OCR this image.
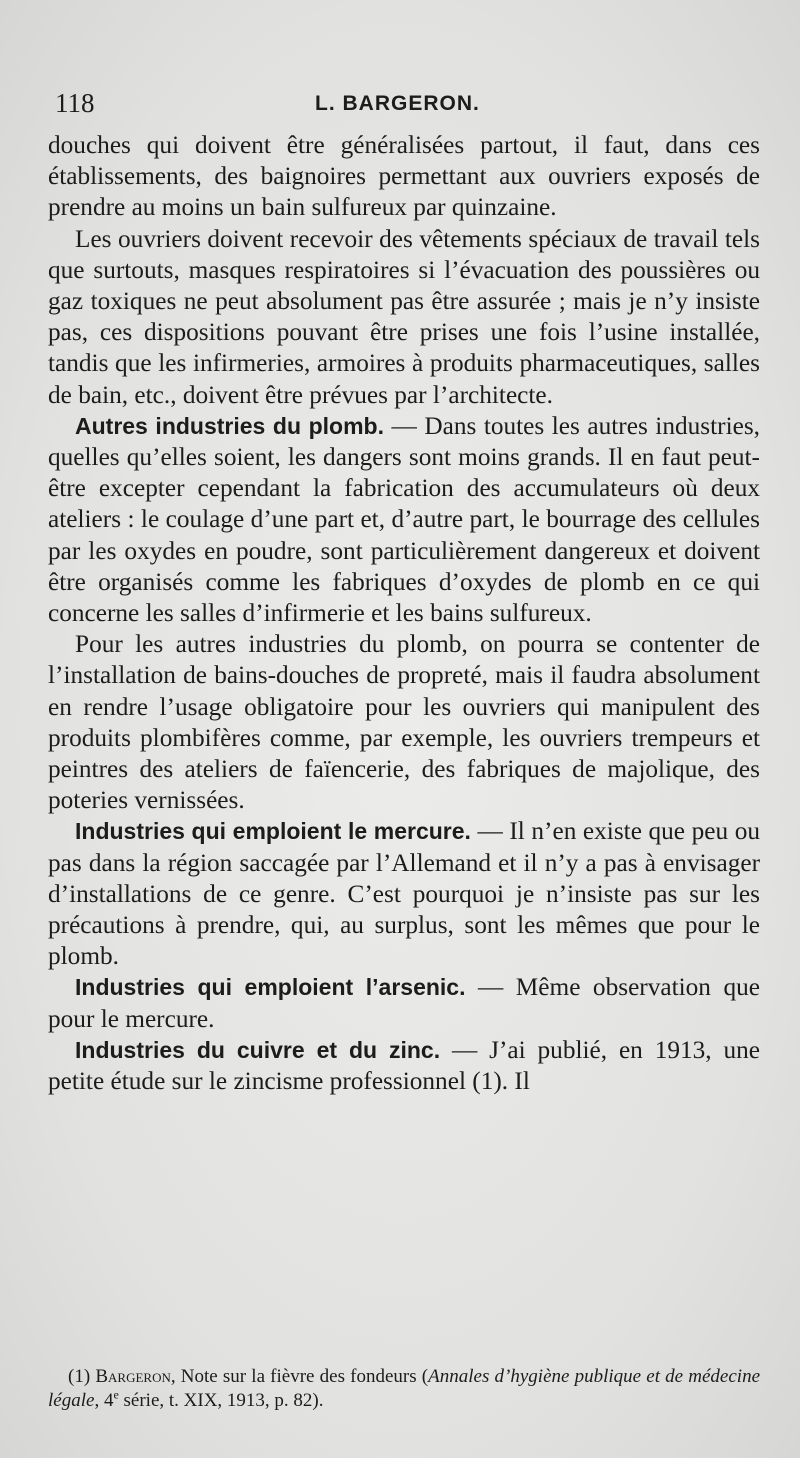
118	L. BARGERON.

douches qui doivent être généralisées partout, il faut, dans ces établissements, des baignoires permettant aux ouvriers exposés de prendre au moins un bain sulfureux par quinzaine.

Les ouvriers doivent recevoir des vêtements spéciaux de travail tels que surtouts, masques respiratoires si l’évacuation des poussières ou gaz toxiques ne peut absolument pas être assurée ; mais je n’y insiste pas, ces dispositions pouvant être prises une fois l’usine installée, tandis que les infirmeries, armoires à produits pharmaceutiques, salles de bain, etc., doivent être prévues par l’architecte.

Autres industries du plomb. — Dans toutes les autres industries, quelles qu’elles soient, les dangers sont moins grands. Il en faut peut-être excepter cependant la fabrication des accumulateurs où deux ateliers : le coulage d’une part et, d’autre part, le bourrage des cellules par les oxydes en poudre, sont particulièrement dangereux et doivent être organisés comme les fabriques d’oxydes de plomb en ce qui concerne les salles d’infirmerie et les bains sulfureux.

Pour les autres industries du plomb, on pourra se contenter de l’installation de bains-douches de propreté, mais il faudra absolument en rendre l’usage obligatoire pour les ouvriers qui manipulent des produits plombifères comme, par exemple, les ouvriers trempeurs et peintres des ateliers de faïencerie, des fabriques de majolique, des poteries vernissées.

Industries qui emploient le mercure. — Il n’en existe que peu ou pas dans la région saccagée par l’Allemand et il n’y a pas à envisager d’installations de ce genre. C’est pourquoi je n’insiste pas sur les précautions à prendre, qui, au surplus, sont les mêmes que pour le plomb.

Industries qui emploient l’arsenic. — Même observation que pour le mercure.

Industries du cuivre et du zinc. — J’ai publié, en 1913, une petite étude sur le zincisme professionnel (1). Il

(1) Bargeron, Note sur la fièvre des fondeurs (Annales d’hygiène publique et de médecine légale, 4e série, t. XIX, 1913, p. 82).
